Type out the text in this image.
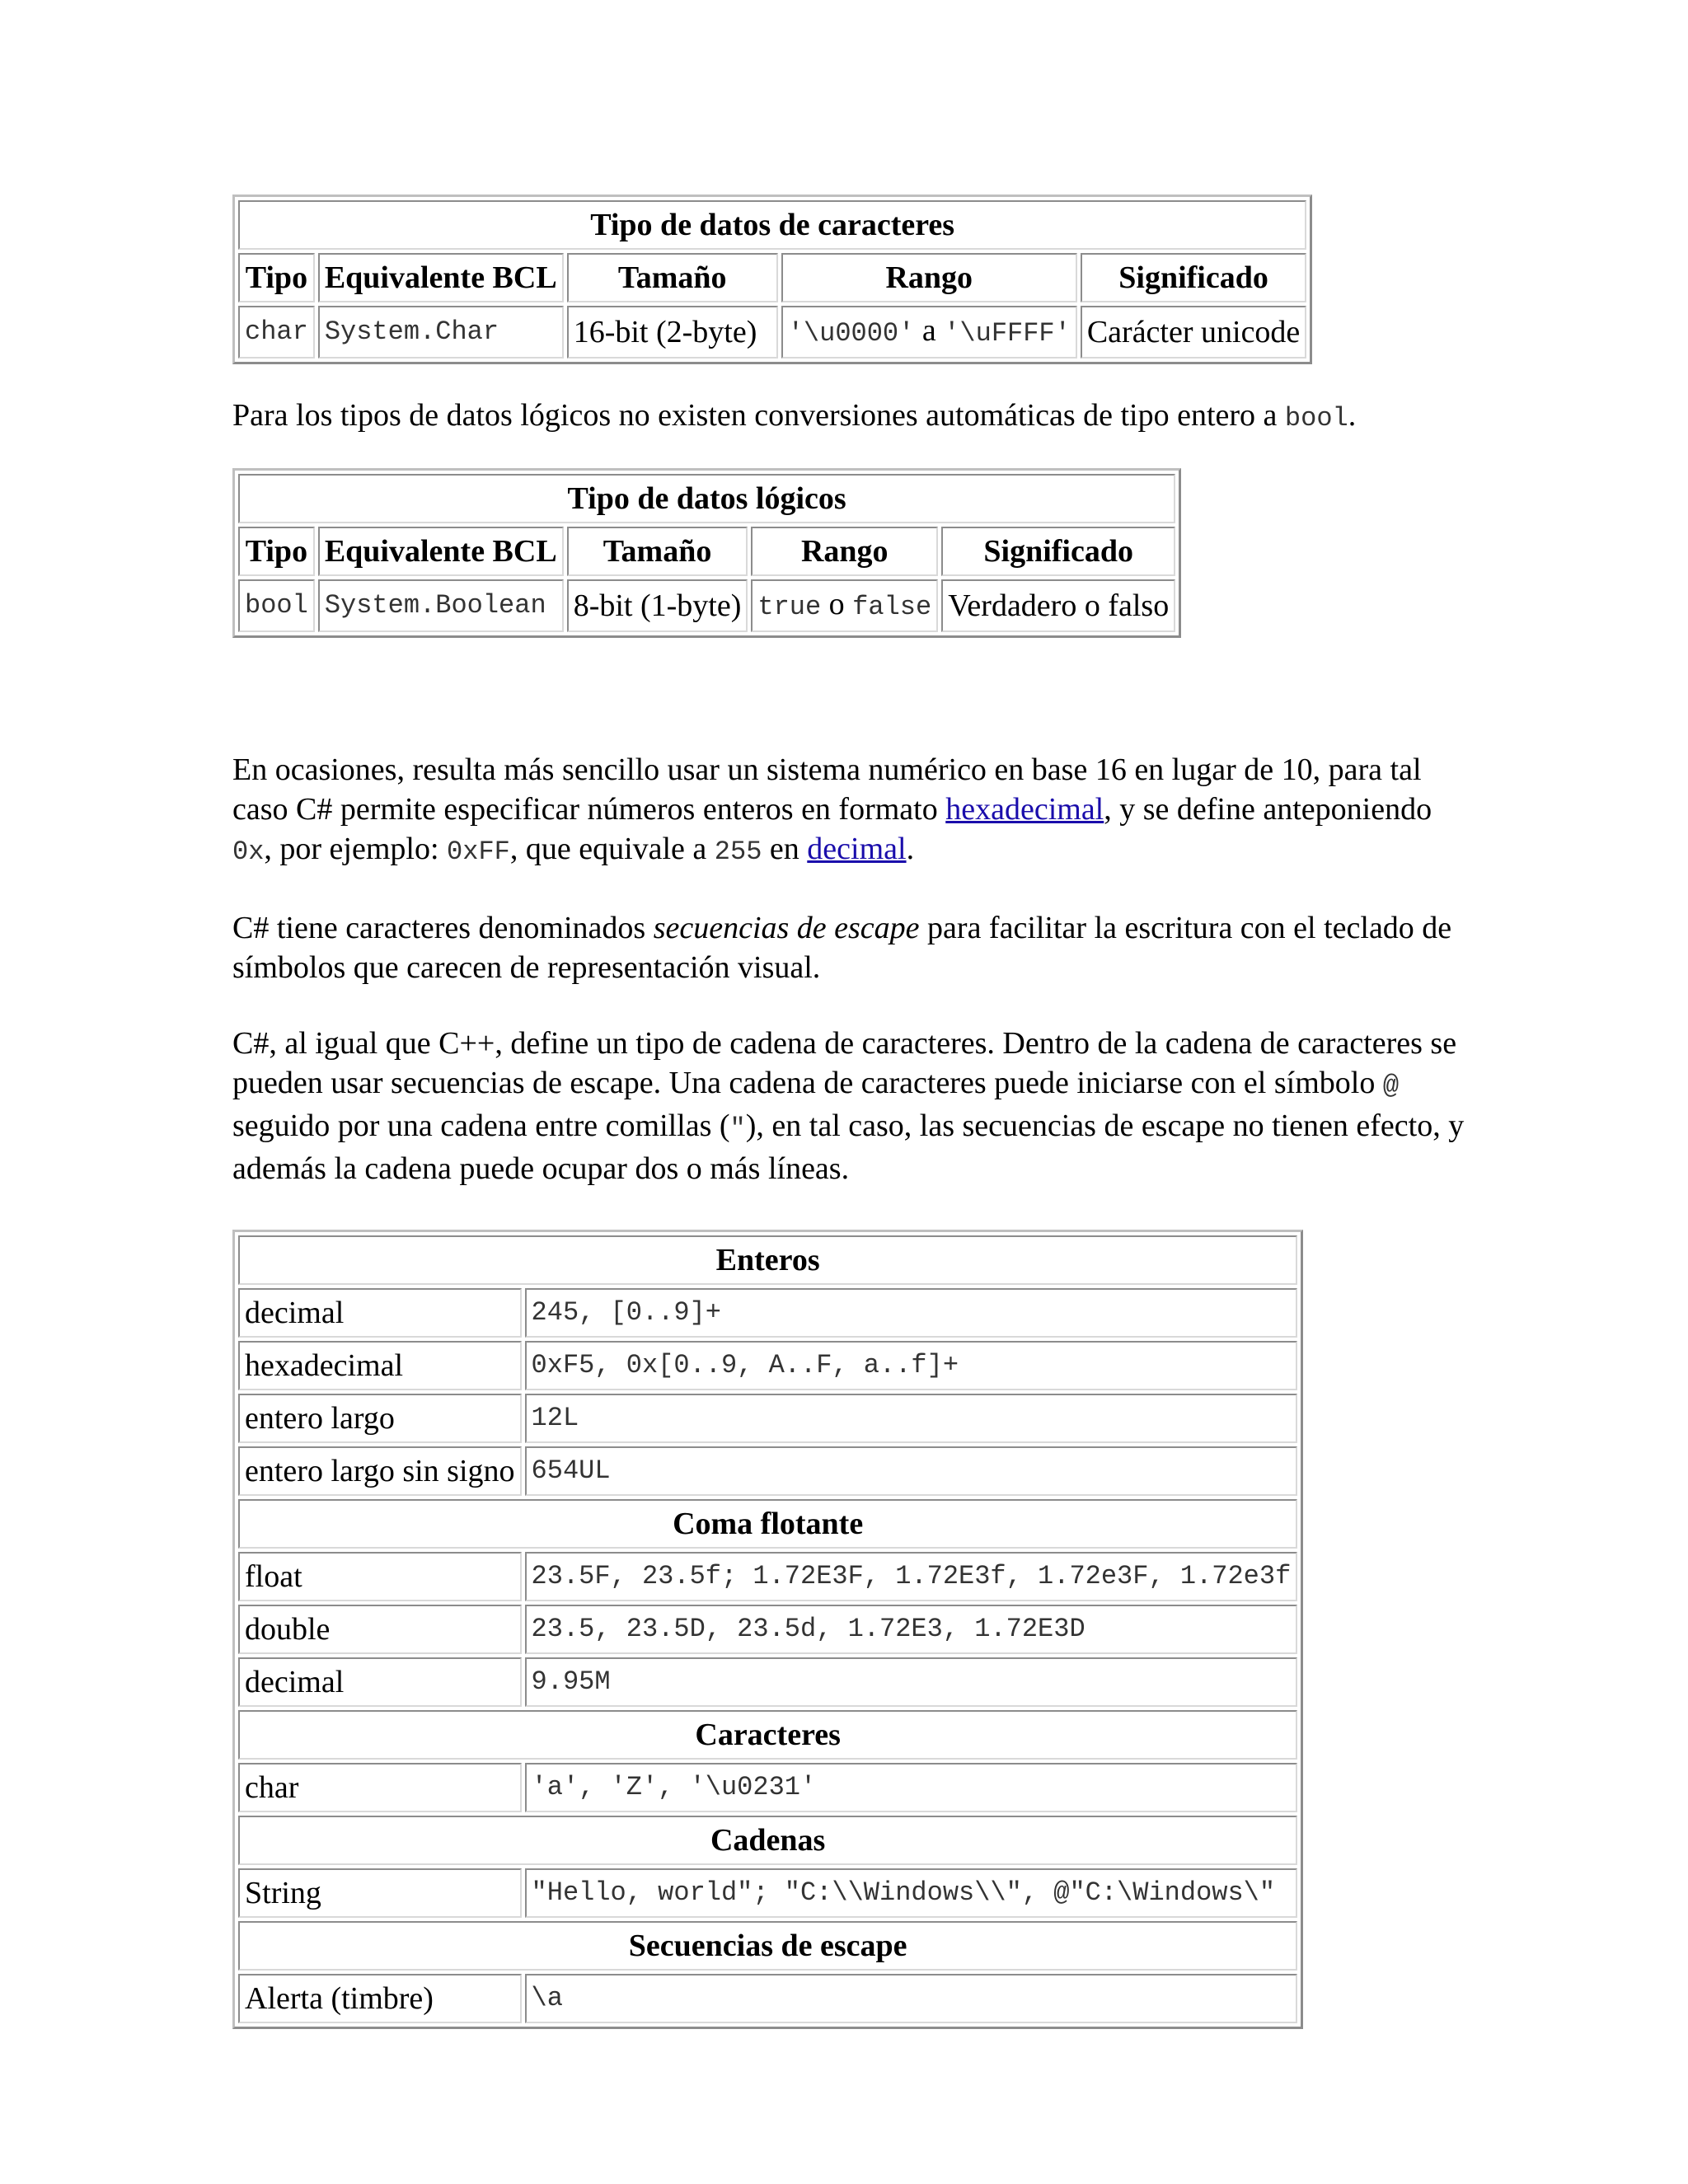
Tipo de datos de caracteres				
Tipo	Equivalente BCL	Tamaño	Rango	Significado
char	System.Char	16-bit (2-byte)	'\u0000' a '\uFFFF'	Carácter unicode

Para los tipos de datos lógicos no existen conversiones automáticas de tipo entero a bool.

Tipo de datos lógicos				
Tipo	Equivalente BCL	Tamaño	Rango	Significado
bool	System.Boolean	8-bit (1-byte)	true o false	Verdadero o falso

En ocasiones, resulta más sencillo usar un sistema numérico en base 16 en lugar de 10, para tal caso C# permite especificar números enteros en formato hexadecimal, y se define anteponiendo 0x, por ejemplo: 0xFF, que equivale a 255 en decimal.

C# tiene caracteres denominados secuencias de escape para facilitar la escritura con el teclado de símbolos que carecen de representación visual.

C#, al igual que C++, define un tipo de cadena de caracteres. Dentro de la cadena de caracteres se pueden usar secuencias de escape. Una cadena de caracteres puede iniciarse con el símbolo @ seguido por una cadena entre comillas ("), en tal caso, las secuencias de escape no tienen efecto, y además la cadena puede ocupar dos o más líneas.

Enteros	
decimal	245, [0..9]+
hexadecimal	0xF5, 0x[0..9, A..F, a..f]+
entero largo	12L
entero largo sin signo	654UL
Coma flotante	
float	23.5F, 23.5f; 1.72E3F, 1.72E3f, 1.72e3F, 1.72e3f
double	23.5, 23.5D, 23.5d, 1.72E3, 1.72E3D
decimal	9.95M
Caracteres	
char	'a', 'Z', '\u0231'
Cadenas	
String	"Hello, world"; "C:\\Windows\\", @"C:\Windows\"
Secuencias de escape	
Alerta (timbre)	\a
